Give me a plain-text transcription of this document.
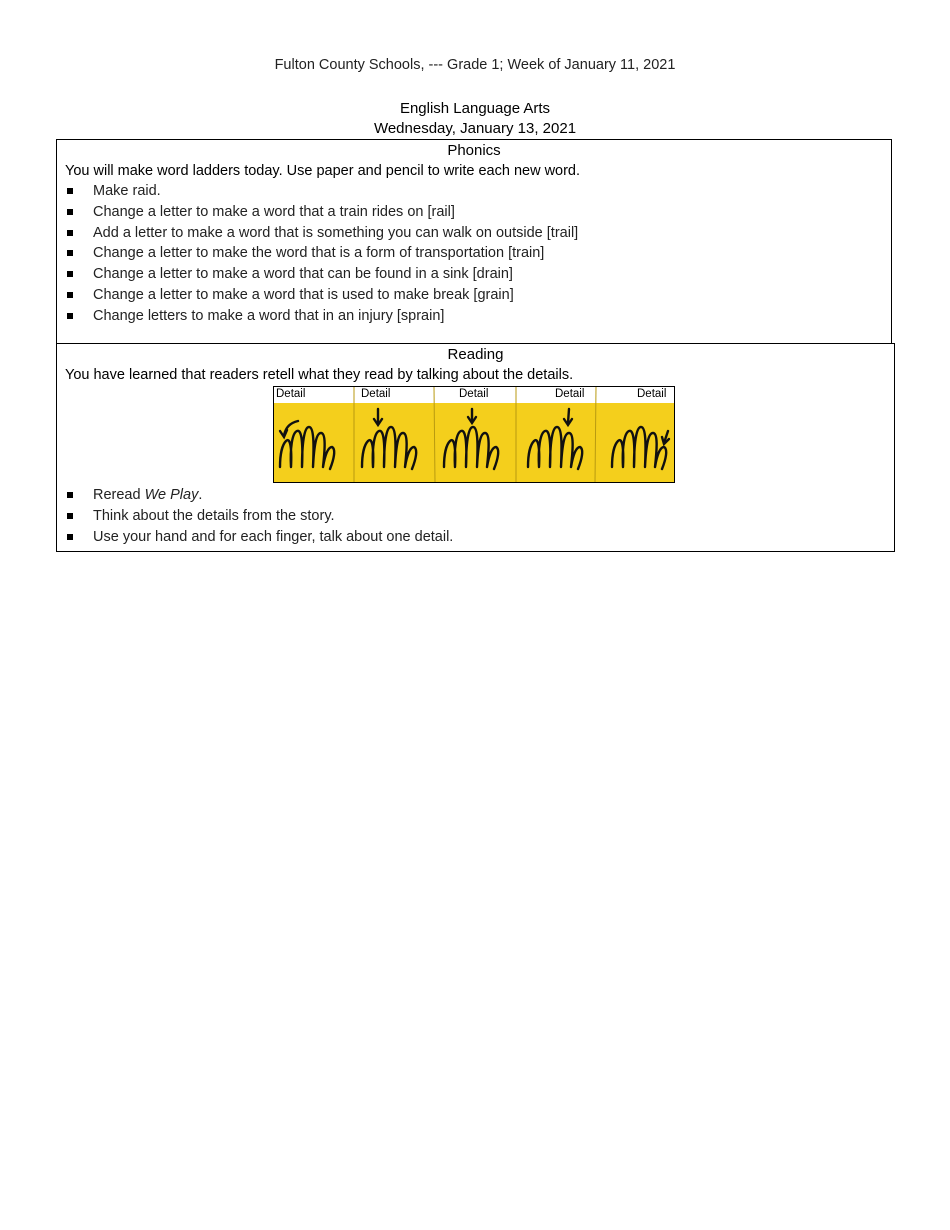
Fulton County Schools, --- Grade 1; Week of January 11, 2021
English Language Arts
Wednesday, January 13, 2021
Phonics
You will make word ladders today. Use paper and pencil to write each new word.
Make raid.
Change a letter to make a word that a train rides on [rail]
Add a letter to make a word that is something you can walk on outside [trail]
Change a letter to make the word that is a form of transportation [train]
Change a letter to make a word that can be found in a sink [drain]
Change a letter to make a word that is used to make break [grain]
Change letters to make a word that in an injury [sprain]
Reading
You have learned that readers retell what they read by talking about the details.
Detail	Detail	Detail	Detail	Detail
Reread We Play.
Think about the details from the story.
Use your hand and for each finger, talk about one detail.
